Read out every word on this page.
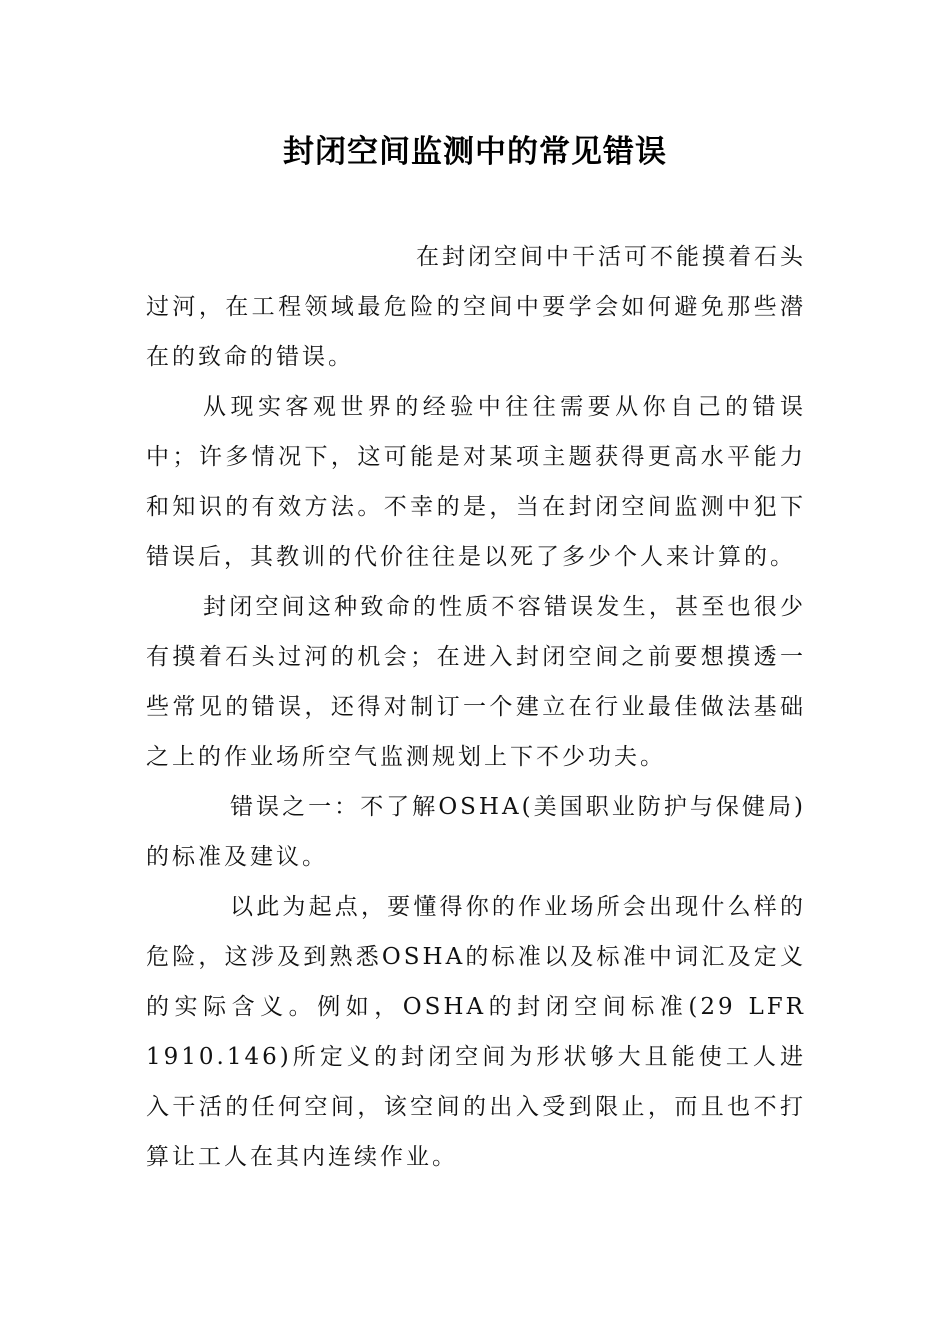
封闭空间监测中的常见错误

在封闭空间中干活可不能摸着石头过河，在工程领域最危险的空间中要学会如何避免那些潜在的致命的错误。

从现实客观世界的经验中往往需要从你自己的错误中；许多情况下，这可能是对某项主题获得更高水平能力和知识的有效方法。不幸的是，当在封闭空间监测中犯下错误后，其教训的代价往往是以死了多少个人来计算的。

封闭空间这种致命的性质不容错误发生，甚至也很少有摸着石头过河的机会；在进入封闭空间之前要想摸透一些常见的错误，还得对制订一个建立在行业最佳做法基础之上的作业场所空气监测规划上下不少功夫。

错误之一：不了解OSHA(美国职业防护与保健局)的标准及建议。

以此为起点，要懂得你的作业场所会出现什么样的危险，这涉及到熟悉OSHA的标准以及标准中词汇及定义的实际含义。例如，OSHA的封闭空间标准(29 LFR 1910.146)所定义的封闭空间为形状够大且能使工人进入干活的任何空间，该空间的出入受到限止，而且也不打算让工人在其内连续作业。
